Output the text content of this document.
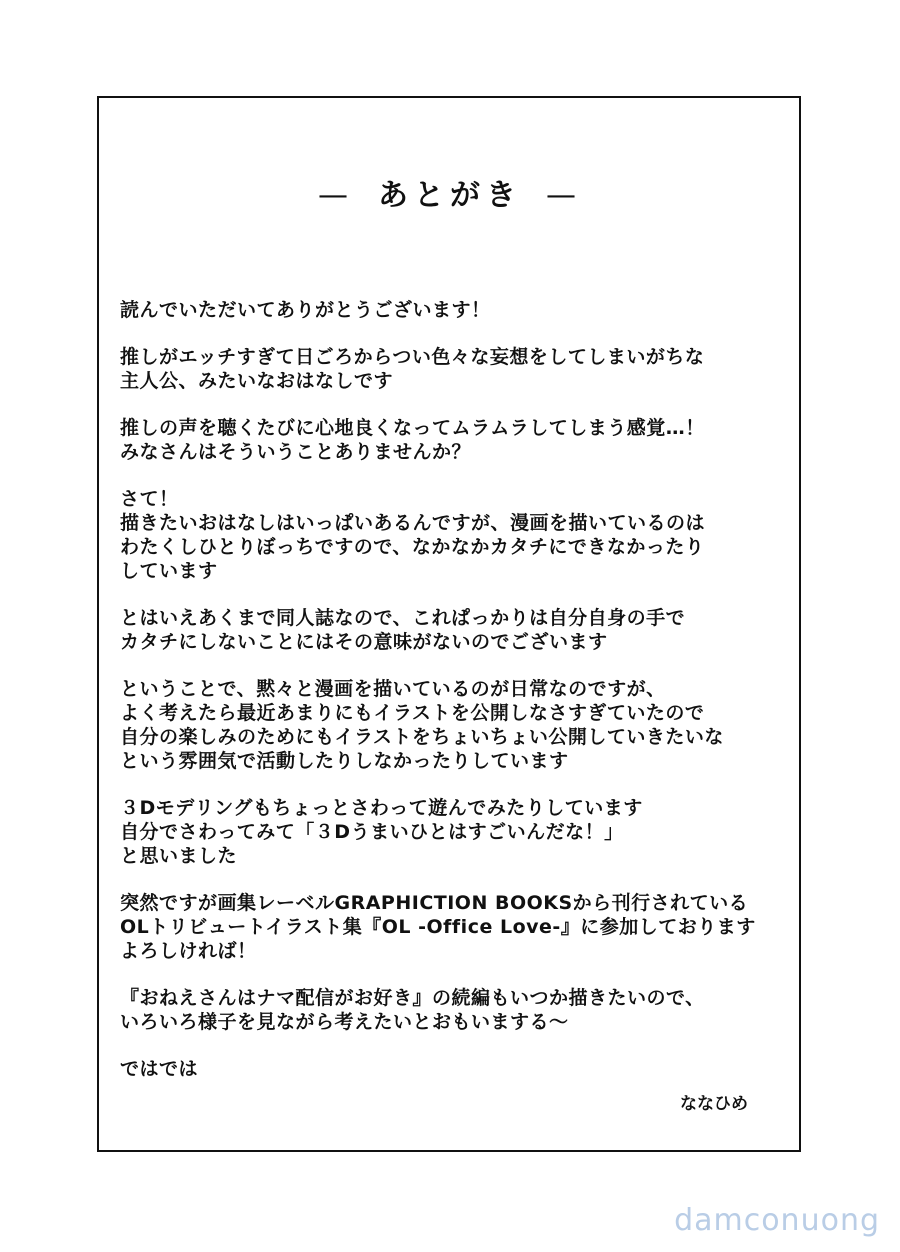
— あとがき —
読んでいただいてありがとうございます！
推しがエッチすぎて日ごろからつい色々な妄想をしてしまいがちな
主人公、みたいなおはなしです
推しの声を聴くたびに心地良くなってムラムラしてしまう感覚…！
みなさんはそういうことありませんか？
さて！
描きたいおはなしはいっぱいあるんですが、漫画を描いているのは
わたくしひとりぼっちですので、なかなかカタチにできなかったり
しています
とはいえあくまで同人誌なので、これぱっかりは自分自身の手で
カタチにしないことにはその意味がないのでございます
ということで、黙々と漫画を描いているのが日常なのですが、
よく考えたら最近あまりにもイラストを公開しなさすぎていたので
自分の楽しみのためにもイラストをちょいちょい公開していきたいな
という雰囲気で活動したりしなかったりしています
３Dモデリングもちょっとさわって遊んでみたりしています
自分でさわってみて「３Dうまいひとはすごいんだな！」
と思いました
突然ですが画集レーベルGRAPHICTION BOOKSから刊行されている
OLトリビュートイラスト集『OL -Office Love-』に参加しております
よろしければ！
『おねえさんはナマ配信がお好き』の続編もいつか描きたいので、
いろいろ様子を見ながら考えたいとおもいまする〜
ではでは
ななひめ
damconuong
